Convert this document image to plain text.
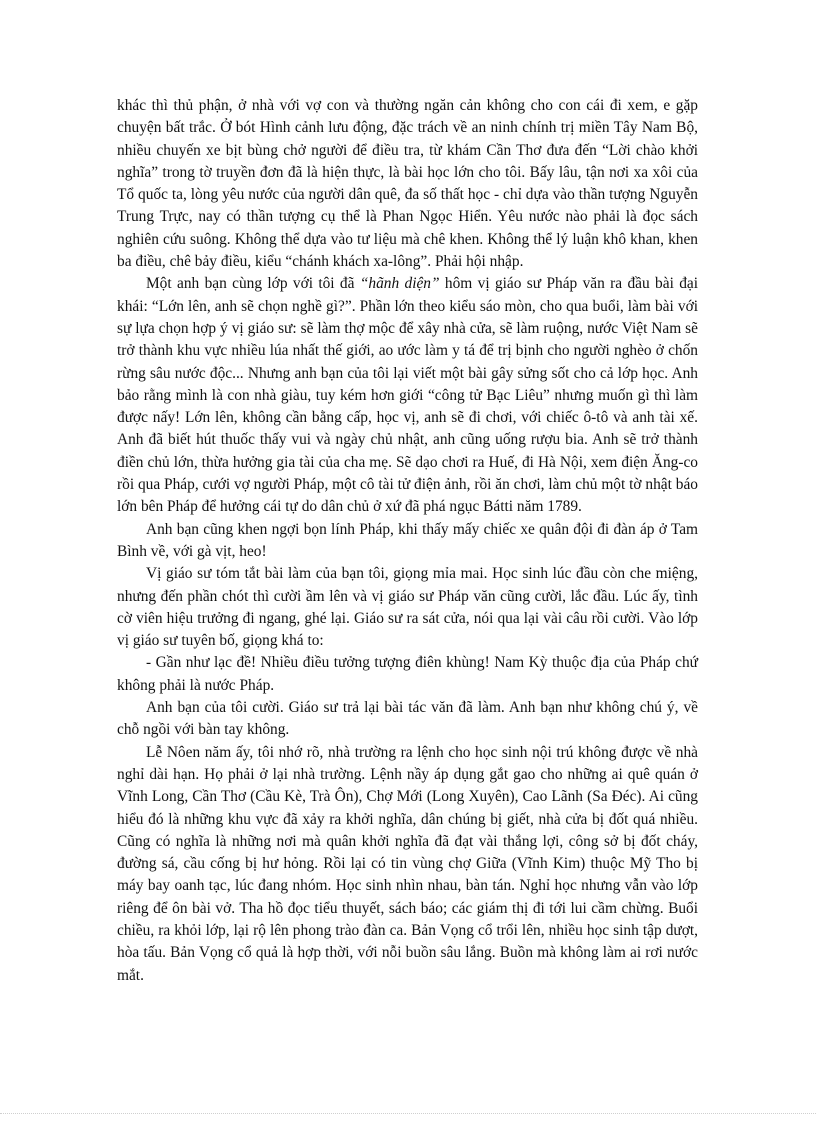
khác thì thủ phận, ở nhà với vợ con và thường ngăn cản không cho con cái đi xem, e gặp chuyện bất trắc. Ở bót Hình cảnh lưu động, đặc trách về an ninh chính trị miền Tây Nam Bộ, nhiều chuyến xe bịt bùng chở người để điều tra, từ khám Cần Thơ đưa đến “Lời chào khởi nghĩa” trong tờ truyền đơn đã là hiện thực, là bài học lớn cho tôi. Bấy lâu, tận nơi xa xôi của Tổ quốc ta, lòng yêu nước của người dân quê, đa số thất học - chỉ dựa vào thần tượng Nguyễn Trung Trực, nay có thần tượng cụ thể là Phan Ngọc Hiển. Yêu nước nào phải là đọc sách nghiên cứu suông. Không thể dựa vào tư liệu mà chê khen. Không thể lý luận khô khan, khen ba điều, chê bảy điều, kiểu “chánh khách xa-lông”. Phải hội nhập.

Một anh bạn cùng lớp với tôi đã “hãnh diện” hôm vị giáo sư Pháp văn ra đầu bài đại khái: “Lớn lên, anh sẽ chọn nghề gì?”. Phần lớn theo kiểu sáo mòn, cho qua buổi, làm bài với sự lựa chọn hợp ý vị giáo sư: sẽ làm thợ mộc để xây nhà cửa, sẽ làm ruộng, nước Việt Nam sẽ trở thành khu vực nhiều lúa nhất thế giới, ao ước làm y tá để trị bịnh cho người nghèo ở chốn rừng sâu nước độc... Nhưng anh bạn của tôi lại viết một bài gây sửng sốt cho cả lớp học. Anh bảo rằng mình là con nhà giàu, tuy kém hơn giới “công tử Bạc Liêu” nhưng muốn gì thì làm được nấy! Lớn lên, không cần bằng cấp, học vị, anh sẽ đi chơi, với chiếc ô-tô và anh tài xế. Anh đã biết hút thuốc thấy vui và ngày chủ nhật, anh cũng uống rượu bia. Anh sẽ trở thành điền chủ lớn, thừa hưởng gia tài của cha mẹ. Sẽ dạo chơi ra Huế, đi Hà Nội, xem điện Ăng-co rồi qua Pháp, cưới vợ người Pháp, một cô tài tử điện ảnh, rồi ăn chơi, làm chủ một tờ nhật báo lớn bên Pháp để hưởng cái tự do dân chủ ở xứ đã phá ngục Bátti năm 1789.

Anh bạn cũng khen ngợi bọn lính Pháp, khi thấy mấy chiếc xe quân đội đi đàn áp ở Tam Bình về, với gà vịt, heo!

Vị giáo sư tóm tắt bài làm của bạn tôi, giọng mỉa mai. Học sinh lúc đầu còn che miệng, nhưng đến phần chót thì cười ầm lên và vị giáo sư Pháp văn cũng cười, lắc đầu. Lúc ấy, tình cờ viên hiệu trưởng đi ngang, ghé lại. Giáo sư ra sát cửa, nói qua lại vài câu rồi cười. Vào lớp vị giáo sư tuyên bố, giọng khá to:

- Gần như lạc đề! Nhiều điều tưởng tượng điên khùng! Nam Kỳ thuộc địa của Pháp chứ không phải là nước Pháp.

Anh bạn của tôi cười. Giáo sư trả lại bài tác văn đã làm. Anh bạn như không chú ý, về chỗ ngồi với bàn tay không.

Lễ Nôen năm ấy, tôi nhớ rõ, nhà trường ra lệnh cho học sinh nội trú không được về nhà nghỉ dài hạn. Họ phải ở lại nhà trường. Lệnh nầy áp dụng gắt gao cho những ai quê quán ở Vĩnh Long, Cần Thơ (Cầu Kè, Trà Ôn), Chợ Mới (Long Xuyên), Cao Lãnh (Sa Đéc). Ai cũng hiểu đó là những khu vực đã xảy ra khởi nghĩa, dân chúng bị giết, nhà cửa bị đốt quá nhiều. Cũng có nghĩa là những nơi mà quân khởi nghĩa đã đạt vài thắng lợi, công sở bị đốt cháy, đường sá, cầu cống bị hư hỏng. Rồi lại có tin vùng chợ Giữa (Vĩnh Kim) thuộc Mỹ Tho bị máy bay oanh tạc, lúc đang nhóm. Học sinh nhìn nhau, bàn tán. Nghỉ học nhưng vẫn vào lớp riêng để ôn bài vở. Tha hồ đọc tiểu thuyết, sách báo; các giám thị đi tới lui cầm chừng. Buổi chiều, ra khỏi lớp, lại rộ lên phong trào đàn ca. Bản Vọng cổ trổi lên, nhiều học sinh tập dượt, hòa tấu. Bản Vọng cổ quả là hợp thời, với nỗi buồn sâu lắng. Buồn mà không làm ai rơi nước mắt.
